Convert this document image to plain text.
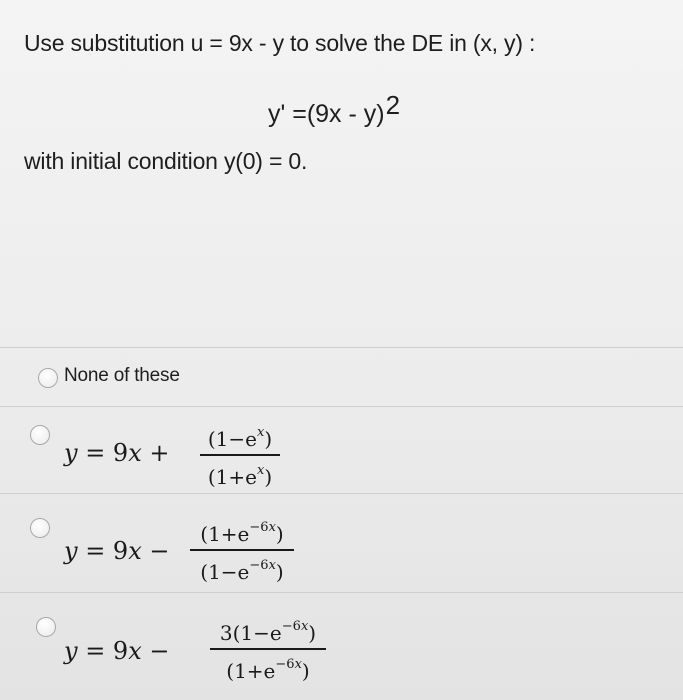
Use substitution u = 9x - y to solve the DE in (x, y) :
y' =(9x - y)$^2$
with initial condition y(0) = 0.
None of these
y = 9x +	$(1-e^x)$
$(1+e^x)$
y = 9x −
$(1+e^{-6x})$
$(1-e^{-6x})$
y = 9x −
$3(1-e^{-6x})$
$(1+e^{-6x})$
